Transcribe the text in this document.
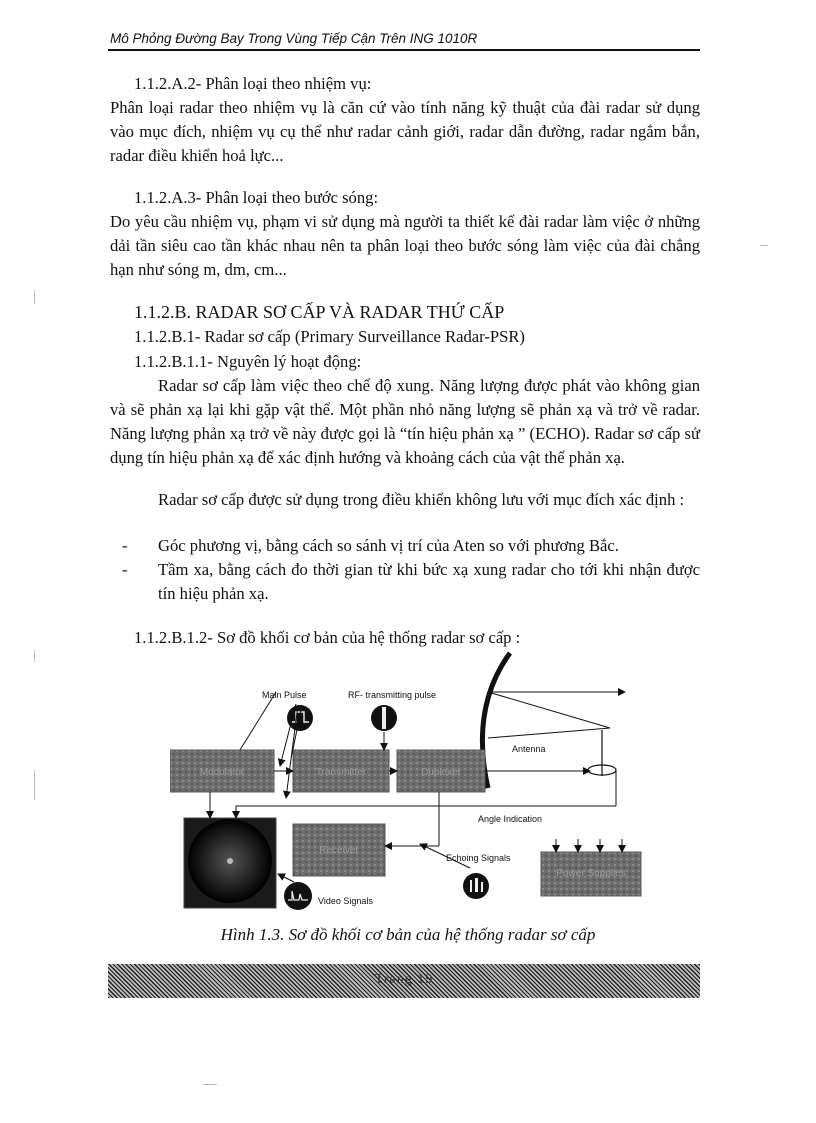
Mô Phỏng Đường Bay Trong Vùng Tiếp Cận Trên ING 1010R

1.1.2.A.2- Phân loại theo nhiệm vụ:

Phân loại radar theo nhiệm vụ là căn cứ vào tính năng kỹ thuật của đài radar sử dụng vào mục đích, nhiệm vụ cụ thể như radar cảnh giới, radar dẫn đường, radar ngắm bắn, radar điều khiển hoả lực...

1.1.2.A.3- Phân loại theo bước sóng:

Do yêu cầu nhiệm vụ, phạm vi sử dụng mà người ta thiết kế đài radar làm việc ở những dải tần siêu cao tần khác nhau nên ta phân loại theo bước sóng làm việc của đài chẳng hạn như sóng m, dm, cm...

1.1.2.B. RADAR SƠ CẤP VÀ RADAR THỨ CẤP

1.1.2.B.1- Radar sơ cấp (Primary Surveillance Radar-PSR)

1.1.2.B.1.1- Nguyên lý hoạt động:

Radar sơ cấp làm việc theo chế độ xung. Năng lượng được phát vào không gian và sẽ phản xạ lại khi gặp vật thể. Một phần nhỏ năng lượng sẽ phản xạ và trở về radar. Năng lượng phản xạ trở về này được gọi là “tín hiệu phản xạ ” (ECHO). Radar sơ cấp sử dụng tín hiệu phản xạ để xác định hướng và khoảng cách của vật thể phản xạ.

Radar sơ cấp được sử dụng trong điều khiển không lưu với mục đích xác định :

- Góc phương vị, bằng cách so sánh vị trí của Aten so với phương Bắc.
- Tầm xa, bằng cách đo thời gian từ khi bức xạ xung radar cho tới khi nhận được tín hiệu phản xạ.

1.1.2.B.1.2- Sơ đồ khối cơ bản của hệ thống radar sơ cấp :

Antenna
Modulator	Transmitter	Duplexer
Receiver
Power Supplies
Main Pulse	RF- transmitting pulse
Echoing Signals
Video Signals
Angle Indication
Hình 1.3. Sơ đồ khối cơ bản của hệ thống radar sơ cấp
Trang 19
